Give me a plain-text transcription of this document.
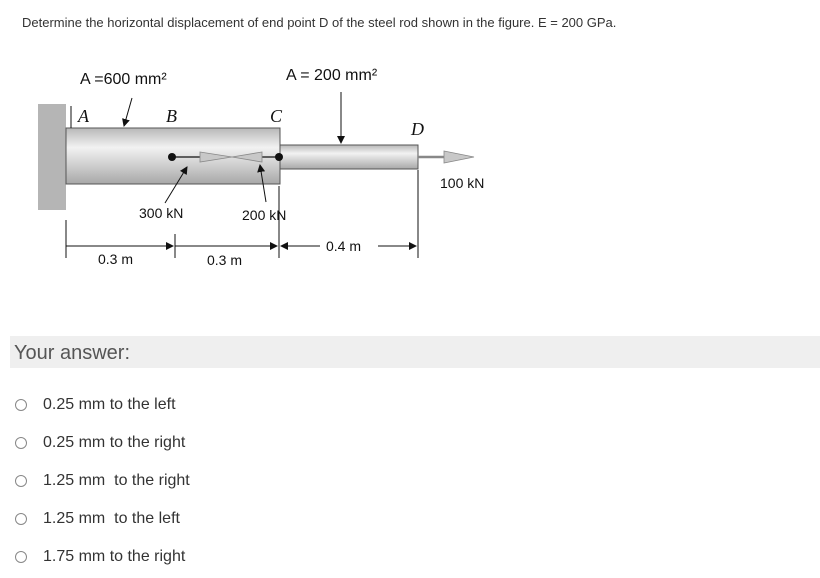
Determine the horizontal displacement of end point D of the steel rod shown in the figure. E = 200 GPa.
A =600 mm²	A = 200 mm²
A	B	C
D
300 kN	200 kN
100 kN
0.3 m	0.3 m
0.4 m
Your answer:
0.25 mm to the left
0.25 mm to the right
1.25 mm  to the right
1.25 mm  to the left
1.75 mm to the right
